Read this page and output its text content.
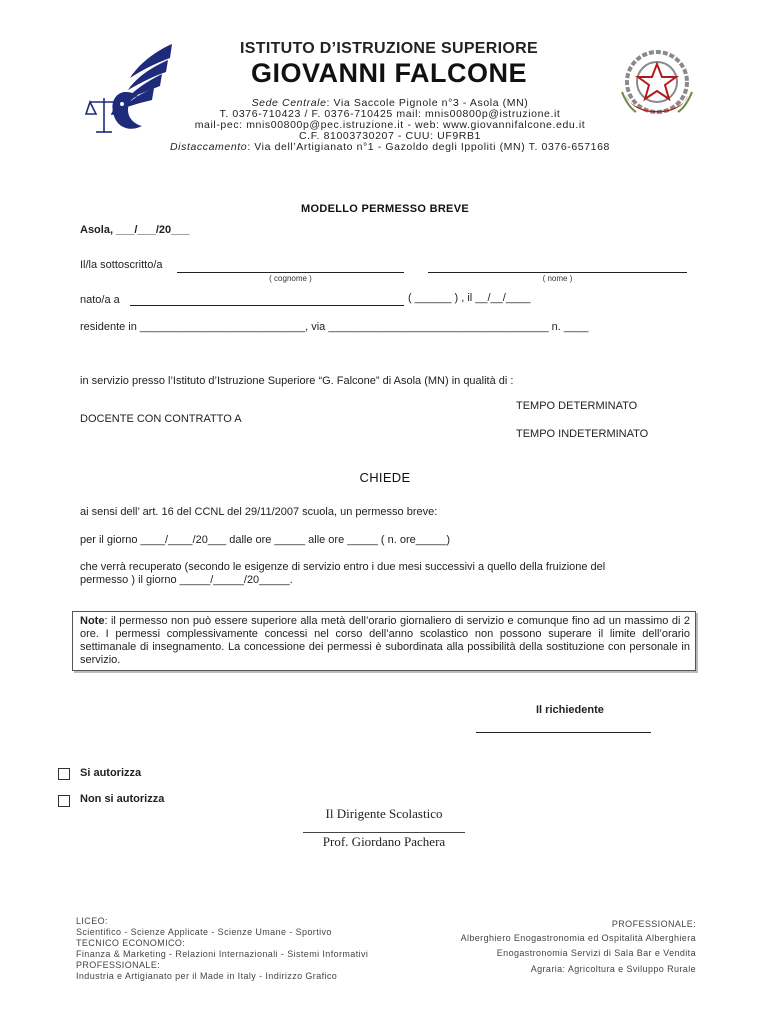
ISTITUTO D’ISTRUZIONE SUPERIORE
GIOVANNI FALCONE
Sede Centrale: Via Saccole Pignole n°3 - Asola (MN)
T. 0376-710423 / F. 0376-710425 mail: mnis00800p@istruzione.it
mail-pec: mnis00800p@pec.istruzione.it - web: www.giovannifalcone.edu.it
C.F. 81003730207 - CUU: UF9RB1
Distaccamento: Via dell’Artigianato n°1 - Gazoldo degli Ippoliti (MN) T. 0376-657168
MODELLO PERMESSO BREVE
Asola, ___/___/20___
Il/la sottoscritto/a
( cognome )	( nome )
nato/a a	( ______ ) , il __/__/____
residente in ___________________________, via ____________________________________ n. ____
in servizio presso l’Istituto d’Istruzione Superiore “G. Falcone” di Asola (MN) in qualità di :
TEMPO DETERMINATO
DOCENTE CON CONTRATTO A
TEMPO INDETERMINATO
CHIEDE
ai sensi dell’ art. 16 del CCNL del 29/11/2007 scuola, un permesso breve:
per il giorno ____/____/20___ dalle ore _____ alle ore _____ ( n. ore_____)
che verrà recuperato (secondo le esigenze di servizio entro i due mesi successivi a quello della fruizione del
permesso ) il giorno _____/_____/20_____.
Note: il permesso non può essere superiore alla metà dell’orario giornaliero di servizio e comunque fino ad un massimo di 2 ore. I permessi complessivamente concessi nel corso dell’anno scolastico non possono superare il limite dell’orario settimanale di insegnamento. La concessione dei permessi è subordinata alla possibilità della sostituzione con personale in servizio.
Il richiedente
Si autorizza
Non si autorizza
Il Dirigente Scolastico
Prof. Giordano Pachera
LICEO:
Scientifico - Scienze Applicate - Scienze Umane - Sportivo
TECNICO ECONOMICO:
Finanza & Marketing - Relazioni Internazionali - Sistemi Informativi
PROFESSIONALE:
Industria e Artigianato per il Made in Italy - Indirizzo Grafico
PROFESSIONALE:
Alberghiero Enogastronomia ed Ospitalità Alberghiera
Enogastronomia Servizi di Sala Bar e Vendita
Agraria: Agricoltura e Sviluppo Rurale
